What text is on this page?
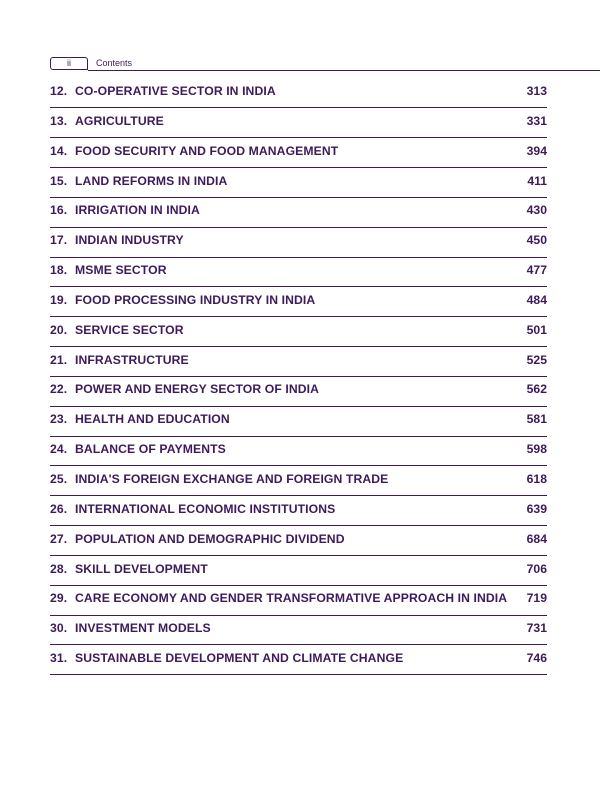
ii	Contents
12. CO-OPERATIVE SECTOR IN INDIA	313
13. AGRICULTURE	331
14. FOOD SECURITY AND FOOD MANAGEMENT	394
15. LAND REFORMS IN INDIA	411
16. IRRIGATION IN INDIA	430
17. INDIAN INDUSTRY	450
18. MSME SECTOR	477
19. FOOD PROCESSING INDUSTRY IN INDIA	484
20. SERVICE SECTOR	501
21. INFRASTRUCTURE	525
22. POWER AND ENERGY SECTOR OF INDIA	562
23. HEALTH AND EDUCATION	581
24. BALANCE OF PAYMENTS	598
25. INDIA'S FOREIGN EXCHANGE AND FOREIGN TRADE	618
26. INTERNATIONAL ECONOMIC INSTITUTIONS	639
27. POPULATION AND DEMOGRAPHIC DIVIDEND	684
28. SKILL DEVELOPMENT	706
29. CARE ECONOMY AND GENDER TRANSFORMATIVE APPROACH IN INDIA 719
30. INVESTMENT MODELS	731
31. SUSTAINABLE DEVELOPMENT AND CLIMATE CHANGE	746
